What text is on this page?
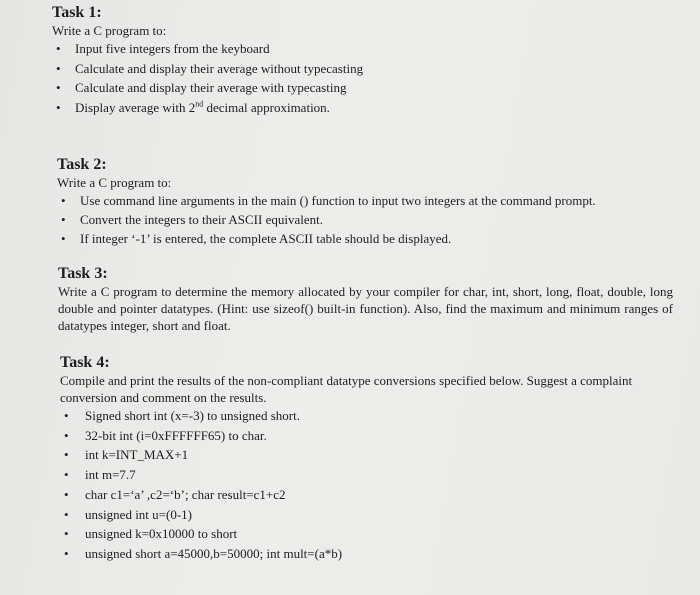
Task 1:

Write a C program to:

• Input five integers from the keyboard
• Calculate and display their average without typecasting
• Calculate and display their average with typecasting
• Display average with 2nd decimal approximation.
Task 2:

Write a C program to:

• Use command line arguments in the main () function to input two integers at the command prompt.
• Convert the integers to their ASCII equivalent.
• If integer ‘-1’ is entered, the complete ASCII table should be displayed.
Task 3:

Write a C program to determine the memory allocated by your compiler for char, int, short, long, float, double, long double and pointer datatypes. (Hint: use sizeof() built-in function). Also, find the maximum and minimum ranges of datatypes integer, short and float.

Task 4:

Compile and print the results of the non-compliant datatype conversions specified below. Suggest a complaint conversion and comment on the results.

• Signed short int (x=-3) to unsigned short.
• 32-bit int (i=0xFFFFFF65) to char.
• int k=INT_MAX+1
• int m=7.7
• char c1=‘a’ ,c2=‘b’; char result=c1+c2
• unsigned int u=(0-1)
• unsigned k=0x10000 to short
• unsigned short a=45000,b=50000; int mult=(a*b)
